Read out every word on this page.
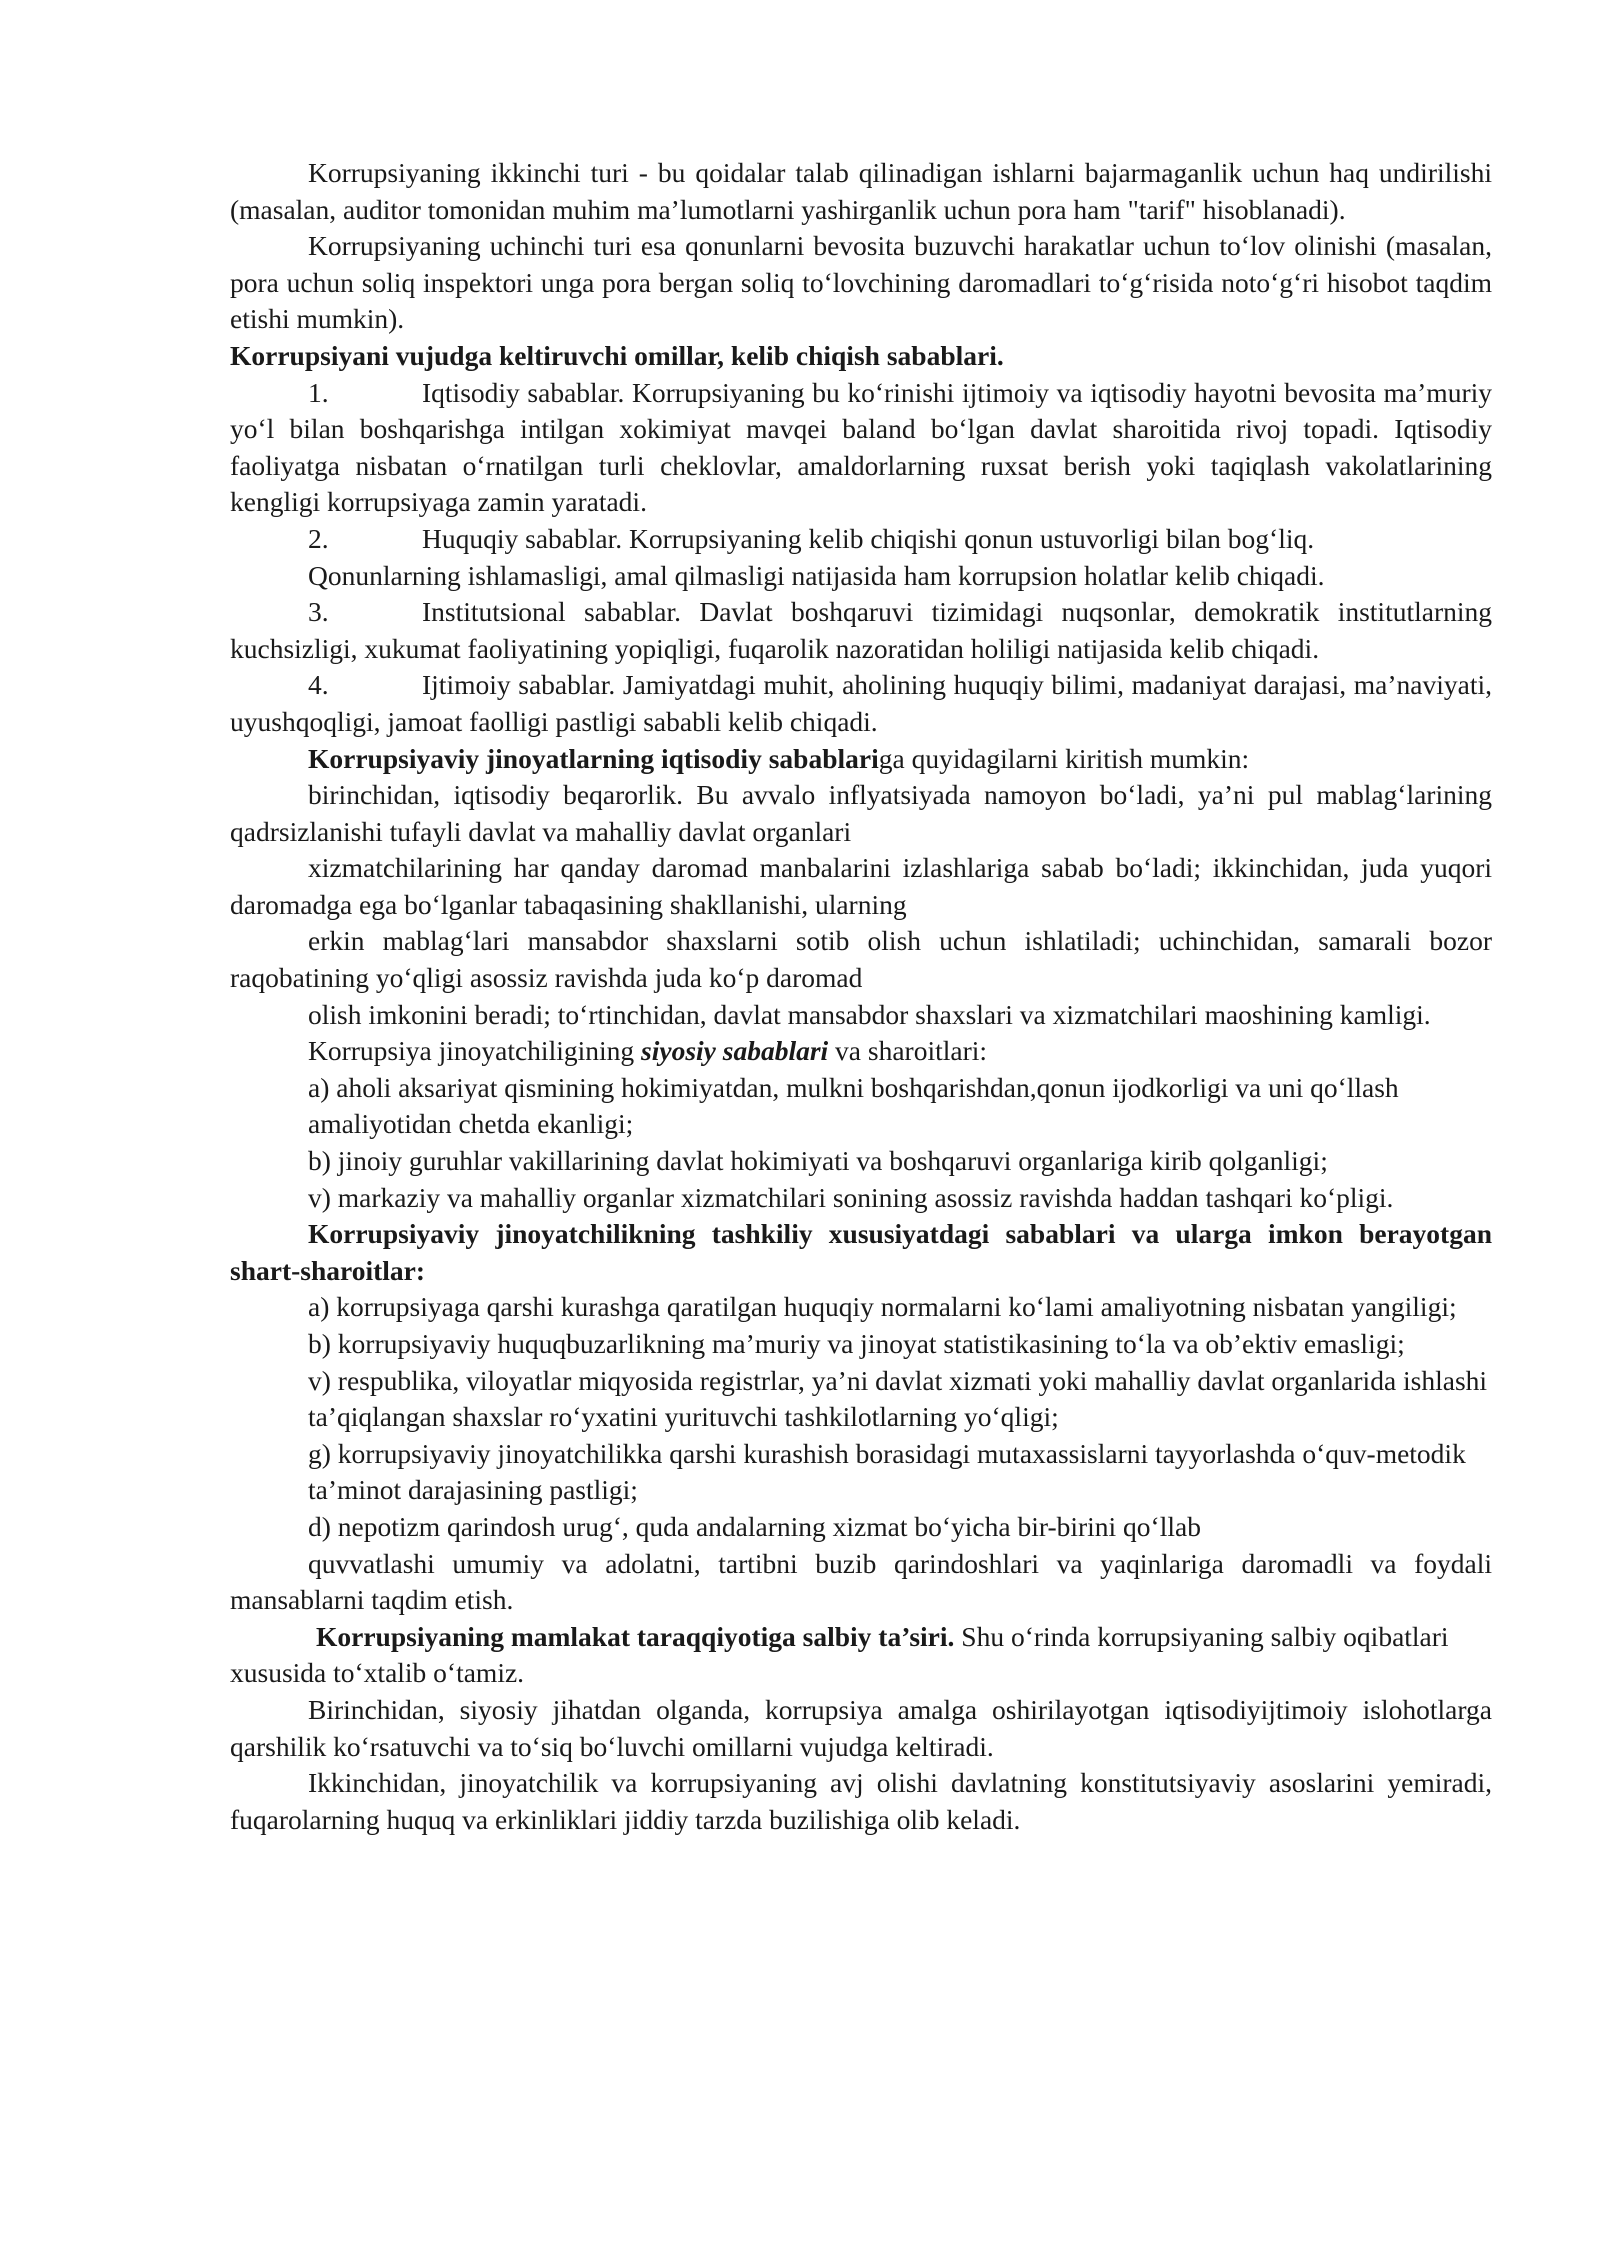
Korrupsiyaning ikkinchi turi - bu qoidalar talab qilinadigan ishlarni bajarmaganlik uchun haq undirilishi (masalan, auditor tomonidan muhim ma’lumotlarni yashirganlik uchun pora ham "tarif" hisoblanadi).

Korrupsiyaning uchinchi turi esa qonunlarni bevosita buzuvchi harakatlar uchun to‘lov olinishi (masalan, pora uchun soliq inspektori unga pora bergan soliq to‘lovchining daromadlari to‘g‘risida noto‘g‘ri hisobot taqdim etishi mumkin).

Korrupsiyani vujudga keltiruvchi omillar, kelib chiqish sabablari.

1.	Iqtisodiy sabablar. Korrupsiyaning bu ko‘rinishi ijtimoiy va iqtisodiy hayotni bevosita ma’muriy yo‘l bilan boshqarishga intilgan xokimiyat mavqei baland bo‘lgan davlat sharoitida rivoj topadi. Iqtisodiy faoliyatga nisbatan o‘rnatilgan turli cheklovlar, amaldorlarning ruxsat berish yoki taqiqlash vakolatlarining kengligi korrupsiyaga zamin yaratadi.

2.	Huquqiy sabablar. Korrupsiyaning kelib chiqishi qonun ustuvorligi bilan bog‘liq.

Qonunlarning ishlamasligi, amal qilmasligi natijasida ham korrupsion holatlar kelib chiqadi.

3.	Institutsional sabablar. Davlat boshqaruvi tizimidagi nuqsonlar, demokratik institutlarning kuchsizligi, xukumat faoliyatining yopiqligi, fuqarolik nazoratidan holiligi natijasida kelib chiqadi.

4.	Ijtimoiy sabablar. Jamiyatdagi muhit, aholining huquqiy bilimi, madaniyat darajasi, ma’naviyati, uyushqoqligi, jamoat faolligi pastligi sababli kelib chiqadi.

Korrupsiyaviy jinoyatlarning iqtisodiy sabablariga quyidagilarni kiritish mumkin:

birinchidan, iqtisodiy beqarorlik. Bu avvalo inflyatsiyada namoyon bo‘ladi, ya’ni pul mablag‘larining qadrsizlanishi tufayli davlat va mahalliy davlat organlari

xizmatchilarining har qanday daromad manbalarini izlashlariga sabab bo‘ladi; ikkinchidan, juda yuqori daromadga ega bo‘lganlar tabaqasining shakllanishi, ularning

erkin mablag‘lari mansabdor shaxslarni sotib olish uchun ishlatiladi; uchinchidan, samarali bozor raqobatining yo‘qligi asossiz ravishda juda ko‘p daromad

olish imkonini beradi; to‘rtinchidan, davlat mansabdor shaxslari va xizmatchilari maoshining kamligi.

Korrupsiya jinoyatchiligining siyosiy sabablari va sharoitlari:

a) aholi aksariyat qismining hokimiyatdan, mulkni boshqarishdan,qonun ijodkorligi va uni qo‘llash amaliyotidan chetda ekanligi;

b) jinoiy guruhlar vakillarining davlat hokimiyati va boshqaruvi organlariga kirib qolganligi;

v) markaziy va mahalliy organlar xizmatchilari sonining asossiz ravishda haddan tashqari ko‘pligi.

Korrupsiyaviy jinoyatchilikning tashkiliy xususiyatdagi sabablari va ularga imkon berayotgan shart-sharoitlar:

a) korrupsiyaga qarshi kurashga qaratilgan huquqiy normalarni ko‘lami amaliyotning nisbatan yangiligi;

b) korrupsiyaviy huquqbuzarlikning ma’muriy va jinoyat statistikasining to‘la va ob’ektiv emasligi;

v) respublika, viloyatlar miqyosida registrlar, ya’ni davlat xizmati yoki mahalliy davlat organlarida ishlashi ta’qiqlangan shaxslar ro‘yxatini yurituvchi tashkilotlarning yo‘qligi;

g) korrupsiyaviy jinoyatchilikka qarshi kurashish borasidagi mutaxassislarni tayyorlashda o‘quv-metodik ta’minot darajasining pastligi;

d) nepotizm qarindosh urug‘, quda andalarning xizmat bo‘yicha bir-birini qo‘llab

quvvatlashi umumiy va adolatni, tartibni buzib qarindoshlari va yaqinlariga daromadli va foydali mansablarni taqdim etish.

Korrupsiyaning mamlakat taraqqiyotiga salbiy ta’siri. Shu o‘rinda korrupsiyaning salbiy oqibatlari xususida to‘xtalib o‘tamiz.

Birinchidan, siyosiy jihatdan olganda, korrupsiya amalga oshirilayotgan iqtisodiyijtimoiy islohotlarga qarshilik ko‘rsatuvchi va to‘siq bo‘luvchi omillarni vujudga keltiradi.

Ikkinchidan, jinoyatchilik va korrupsiyaning avj olishi davlatning konstitutsiyaviy asoslarini yemiradi, fuqarolarning huquq va erkinliklari jiddiy tarzda buzilishiga olib keladi.
